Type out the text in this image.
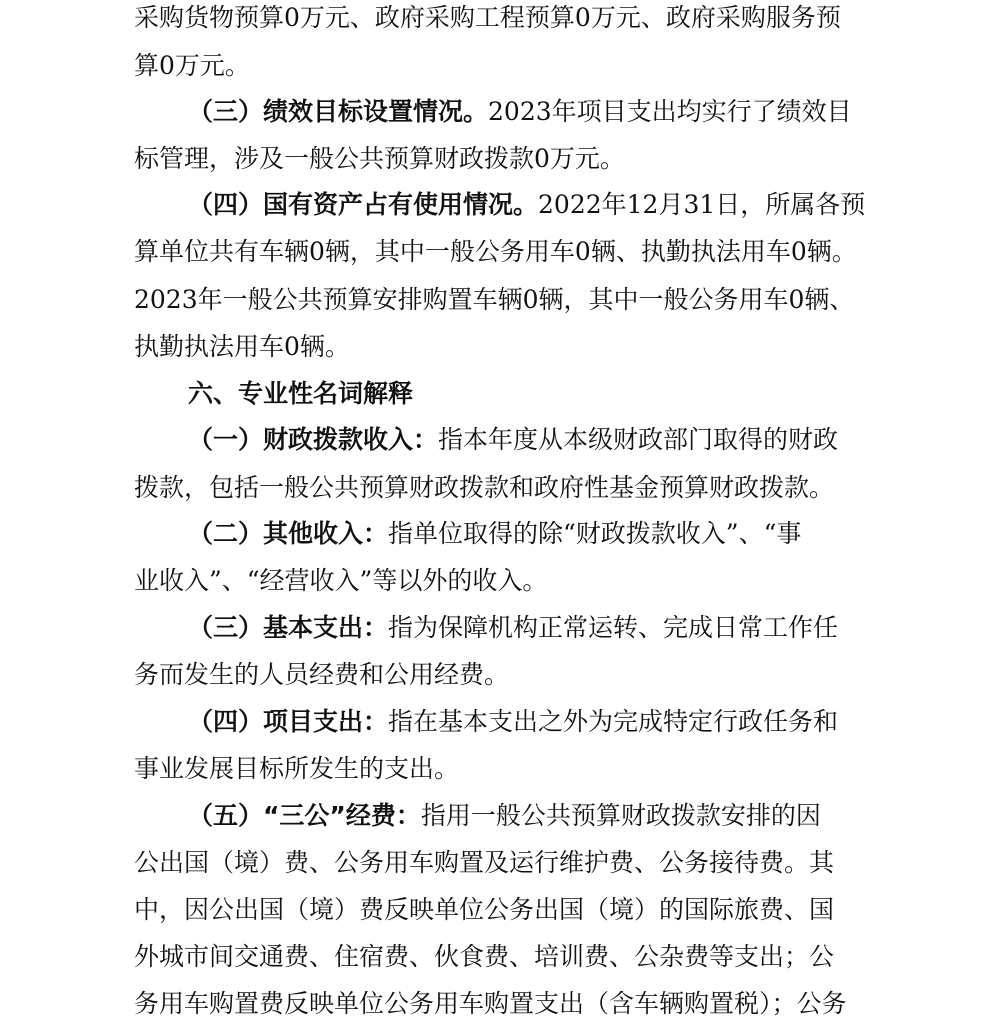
采购货物预算0万元、政府采购工程预算0万元、政府采购服务预

算0万元。

（三）绩效目标设置情况。2023年项目支出均实行了绩效目

标管理，涉及一般公共预算财政拨款0万元。

（四）国有资产占有使用情况。2022年12月31日，所属各预

算单位共有车辆0辆，其中一般公务用车0辆、执勤执法用车0辆。

2023年一般公共预算安排购置车辆0辆，其中一般公务用车0辆、

执勤执法用车0辆。

六、专业性名词解释

（一）财政拨款收入：指本年度从本级财政部门取得的财政

拨款，包括一般公共预算财政拨款和政府性基金预算财政拨款。

（二）其他收入：指单位取得的除“财政拨款收入”、“事

业收入”、“经营收入”等以外的收入。

（三）基本支出：指为保障机构正常运转、完成日常工作任

务而发生的人员经费和公用经费。

（四）项目支出：指在基本支出之外为完成特定行政任务和

事业发展目标所发生的支出。

（五）“三公”经费：指用一般公共预算财政拨款安排的因

公出国（境）费、公务用车购置及运行维护费、公务接待费。其

中，因公出国（境）费反映单位公务出国（境）的国际旅费、国

外城市间交通费、住宿费、伙食费、培训费、公杂费等支出；公

务用车购置费反映单位公务用车购置支出（含车辆购置税）；公务
